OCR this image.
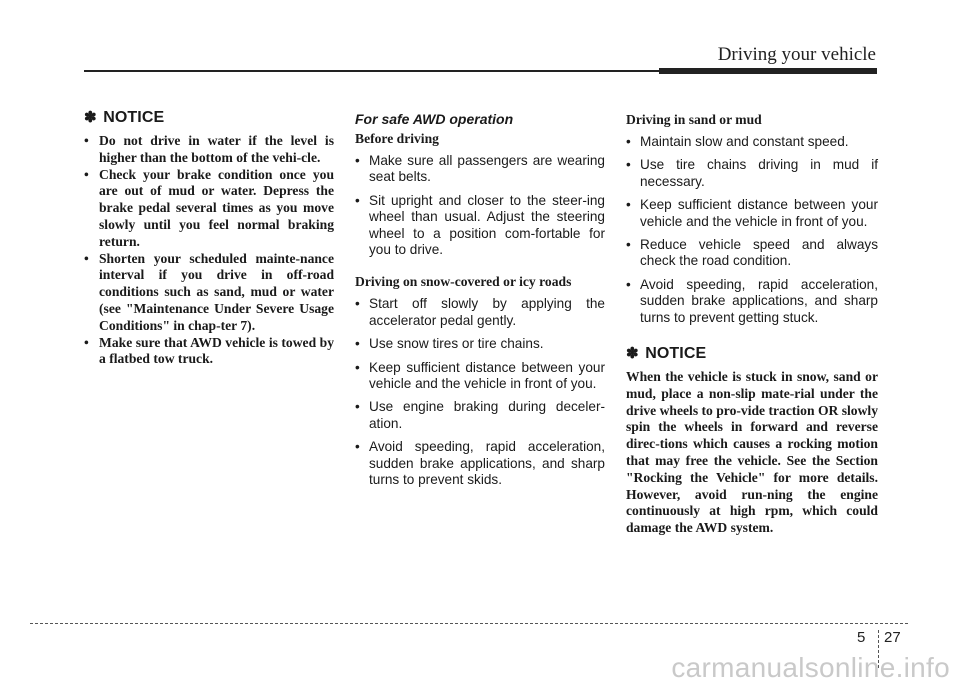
Driving your vehicle
✽ NOTICE
• Do not drive in water if the level is higher than the bottom of the vehi-cle.
• Check your brake condition once you are out of mud or water. Depress the brake pedal several times as you move slowly until you feel normal braking return.
• Shorten your scheduled mainte-nance interval if you drive in off-road conditions such as sand, mud or water (see "Maintenance Under Severe Usage Conditions" in chap-ter 7).
• Make sure that AWD vehicle is towed by a flatbed tow truck.
For safe AWD operation
Before driving
• Make sure all passengers are wearing seat belts.
• Sit upright and closer to the steer-ing wheel than usual. Adjust the steering wheel to a position com-fortable for you to drive.
Driving on snow-covered or icy roads
• Start off slowly by applying the accelerator pedal gently.
• Use snow tires or tire chains.
• Keep sufficient distance between your vehicle and the vehicle in front of you.
• Use engine braking during deceler-ation.
• Avoid speeding, rapid acceleration, sudden brake applications, and sharp turns to prevent skids.
Driving in sand or mud
• Maintain slow and constant speed.
• Use tire chains driving in mud if necessary.
• Keep sufficient distance between your vehicle and the vehicle in front of you.
• Reduce vehicle speed and always check the road condition.
• Avoid speeding, rapid acceleration, sudden brake applications, and sharp turns to prevent getting stuck.
✽ NOTICE

When the vehicle is stuck in snow, sand or mud, place a non-slip mate-rial under the drive wheels to pro-vide traction OR slowly spin the wheels in forward and reverse direc-tions which causes a rocking motion that may free the vehicle. See the Section "Rocking the Vehicle" for more details. However, avoid run-ning the engine continuously at high rpm, which could damage the AWD system.

5 27
carmanualsonline.info
